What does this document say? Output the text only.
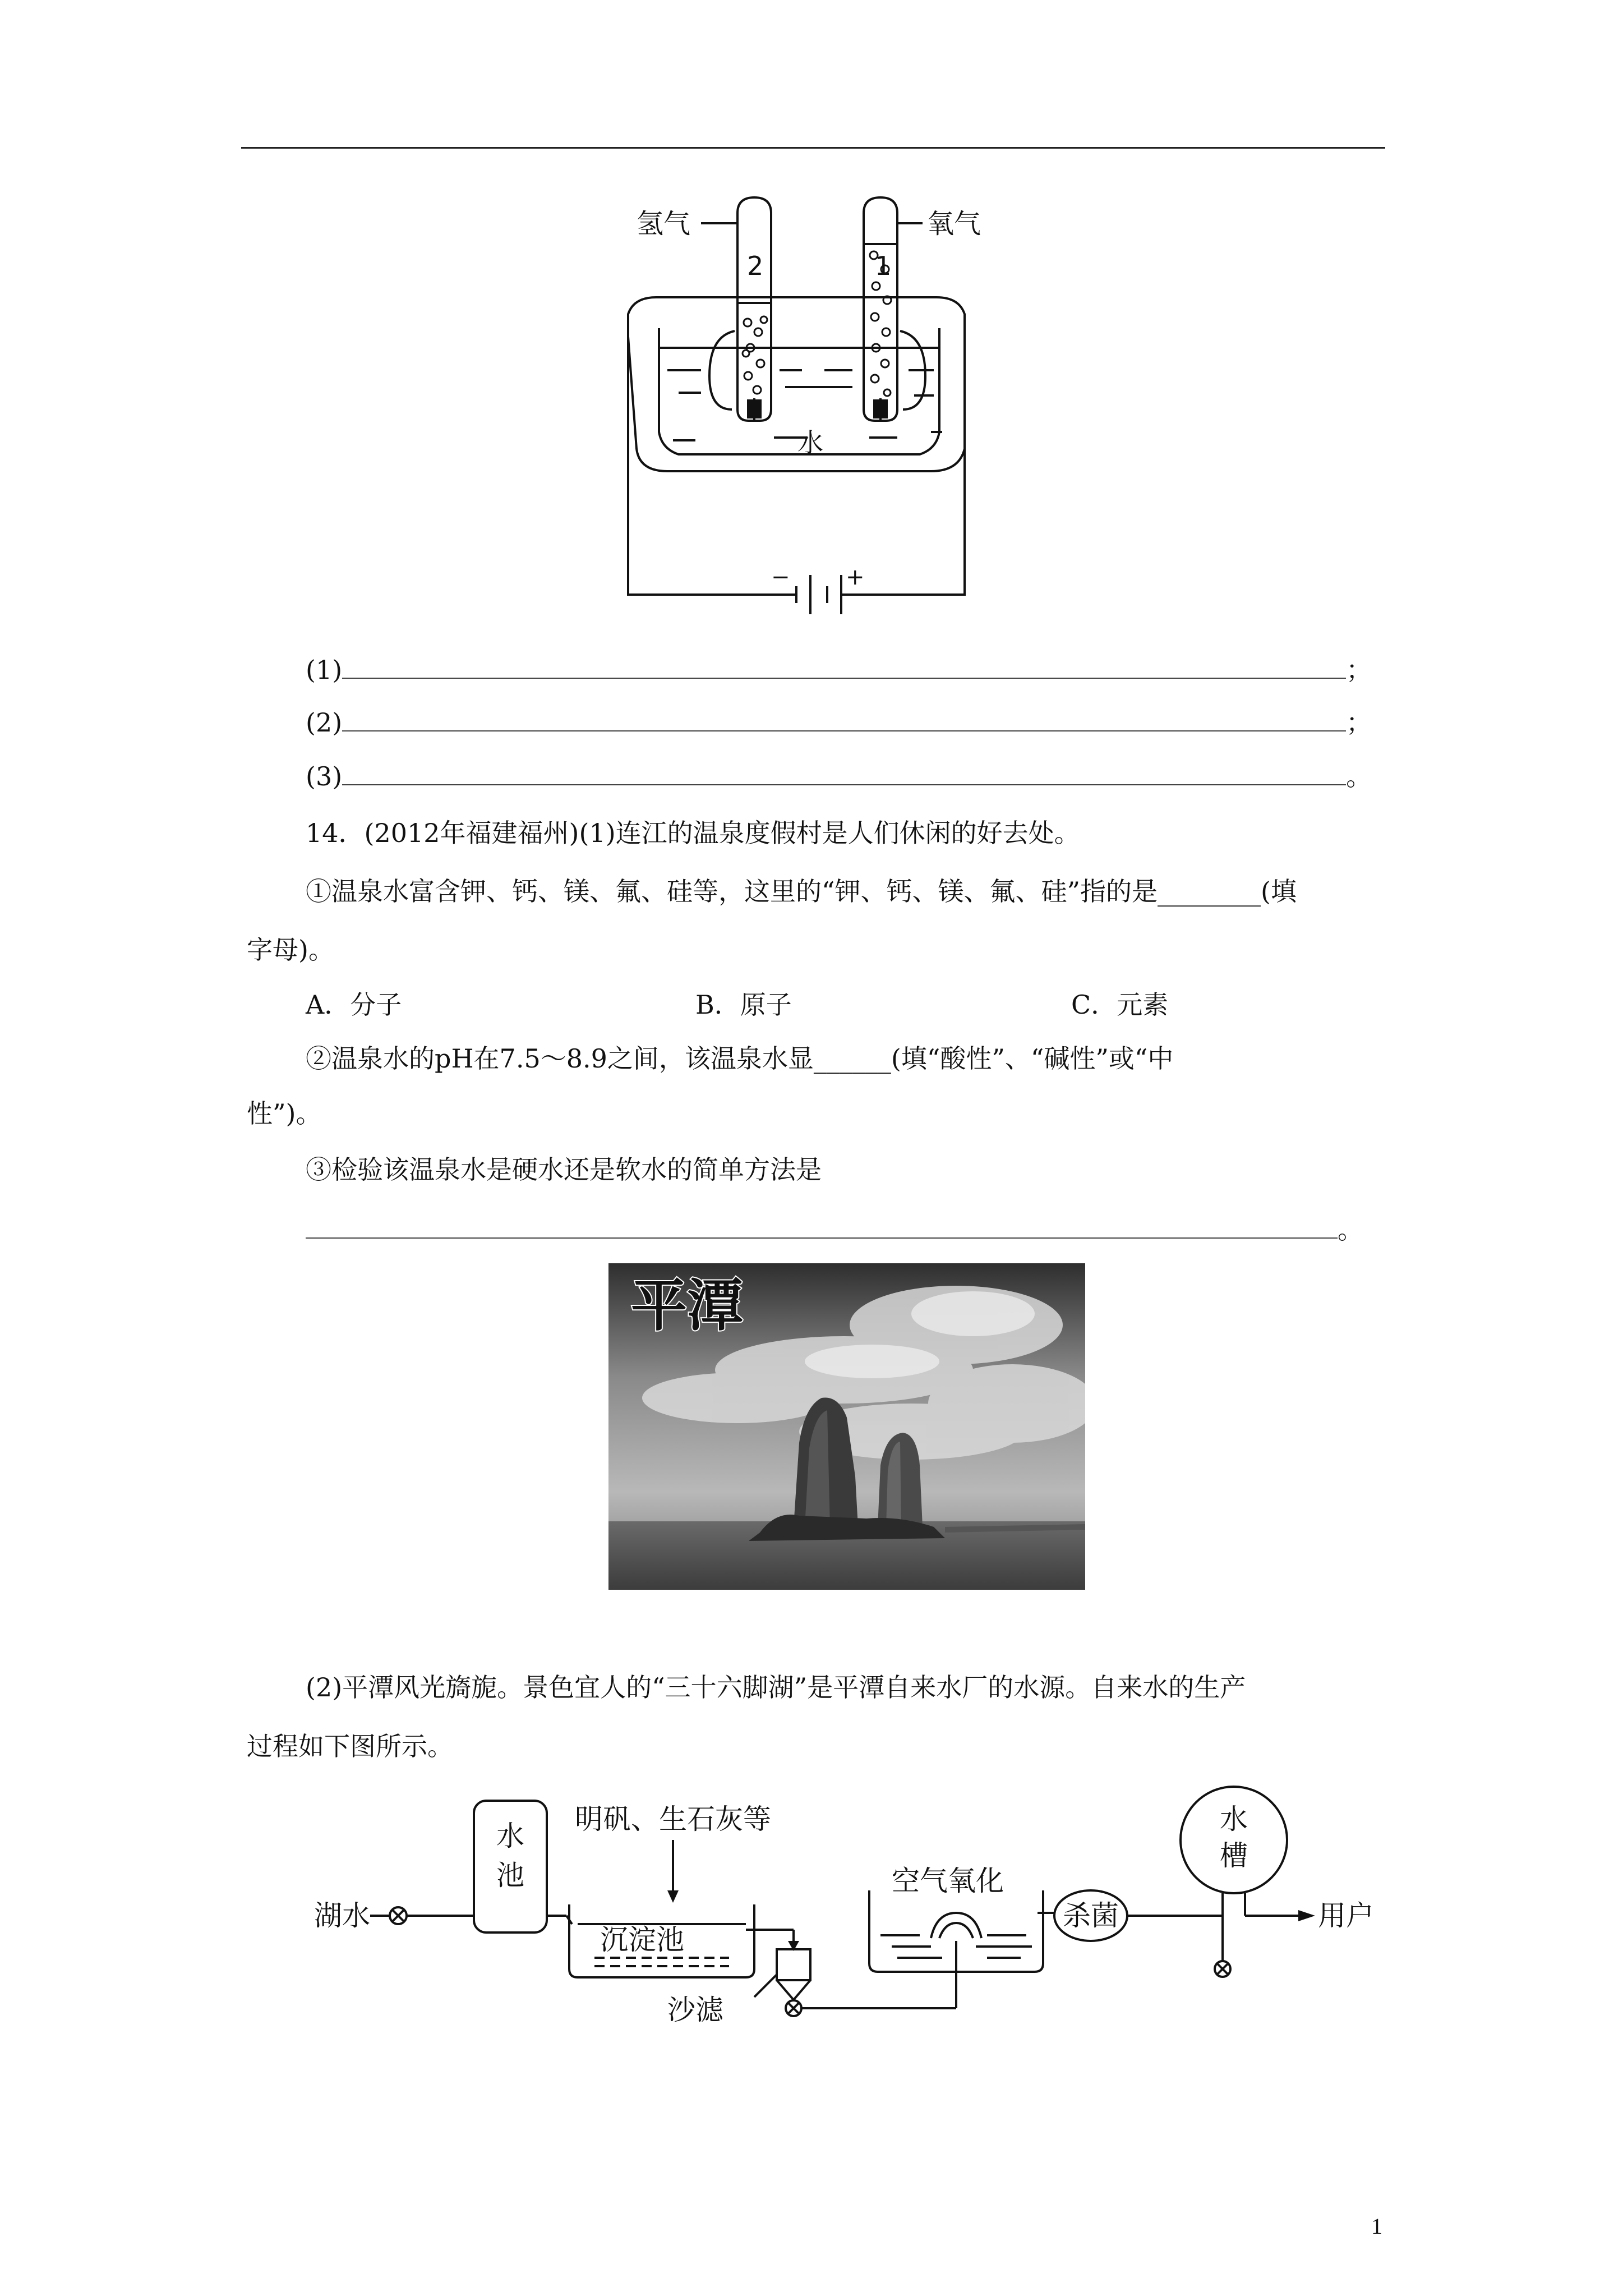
氢气	氧气
2	1
水
− +
(1)	；
(2)	；
(3)	。
14．(2012年福建福州)(1)连江的温泉度假村是人们休闲的好去处。
①温泉水富含钾、钙、镁、氟、硅等，这里的“钾、钙、镁、氟、硅”指的是________(填
字母)。
A．分子	B．原子	C．元素
②温泉水的pH在7.5～8.9之间，该温泉水显______(填“酸性”、“碱性”或“中
性”)。
③检验该温泉水是硬水还是软水的简单方法是
。
平潭
(2)平潭风光旖旎。景色宜人的“三十六脚湖”是平潭自来水厂的水源。自来水的生产
过程如下图所示。
湖水
水
池
明矾、生石灰等
沉淀池
沙滤
空气氧化
杀菌
水
槽
用户
1
